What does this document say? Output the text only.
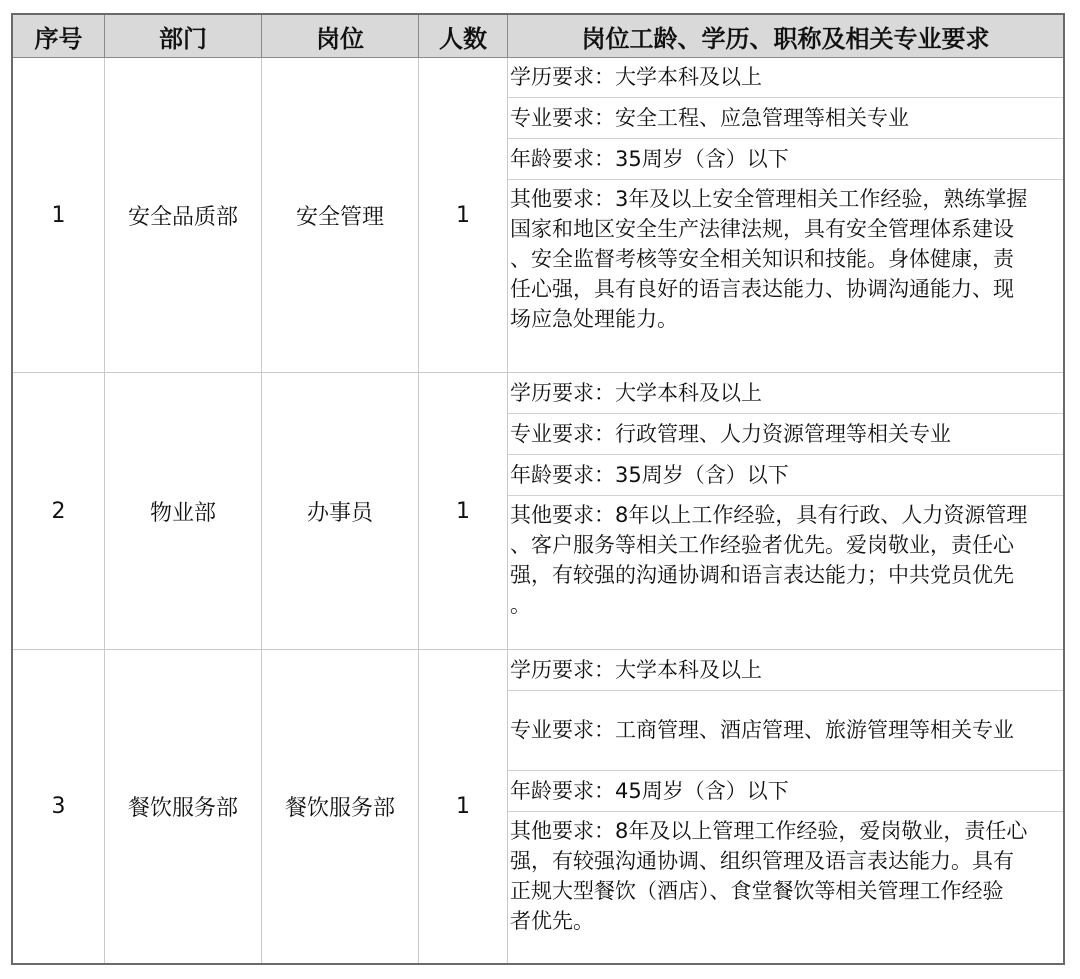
序号	部门	岗位	人数	岗位工龄、学历、职称及相关专业要求
1	安全品质部	安全管理	1
学历要求：大学本科及以上
专业要求：安全工程、应急管理等相关专业
年龄要求：35周岁（含）以下
其他要求：3年及以上安全管理相关工作经验，熟练掌握
国家和地区安全生产法律法规，具有安全管理体系建设
、安全监督考核等安全相关知识和技能。身体健康，责
任心强，具有良好的语言表达能力、协调沟通能力、现
场应急处理能力。
2	物业部	办事员	1
学历要求：大学本科及以上
专业要求：行政管理、人力资源管理等相关专业
年龄要求：35周岁（含）以下
其他要求：8年以上工作经验，具有行政、人力资源管理
、客户服务等相关工作经验者优先。爱岗敬业，责任心
强，有较强的沟通协调和语言表达能力；中共党员优先
。
3	餐饮服务部	餐饮服务部	1
学历要求：大学本科及以上
专业要求：工商管理、酒店管理、旅游管理等相关专业
年龄要求：45周岁（含）以下
其他要求：8年及以上管理工作经验，爱岗敬业，责任心
强，有较强沟通协调、组织管理及语言表达能力。具有
正规大型餐饮（酒店）、食堂餐饮等相关管理工作经验
者优先。
